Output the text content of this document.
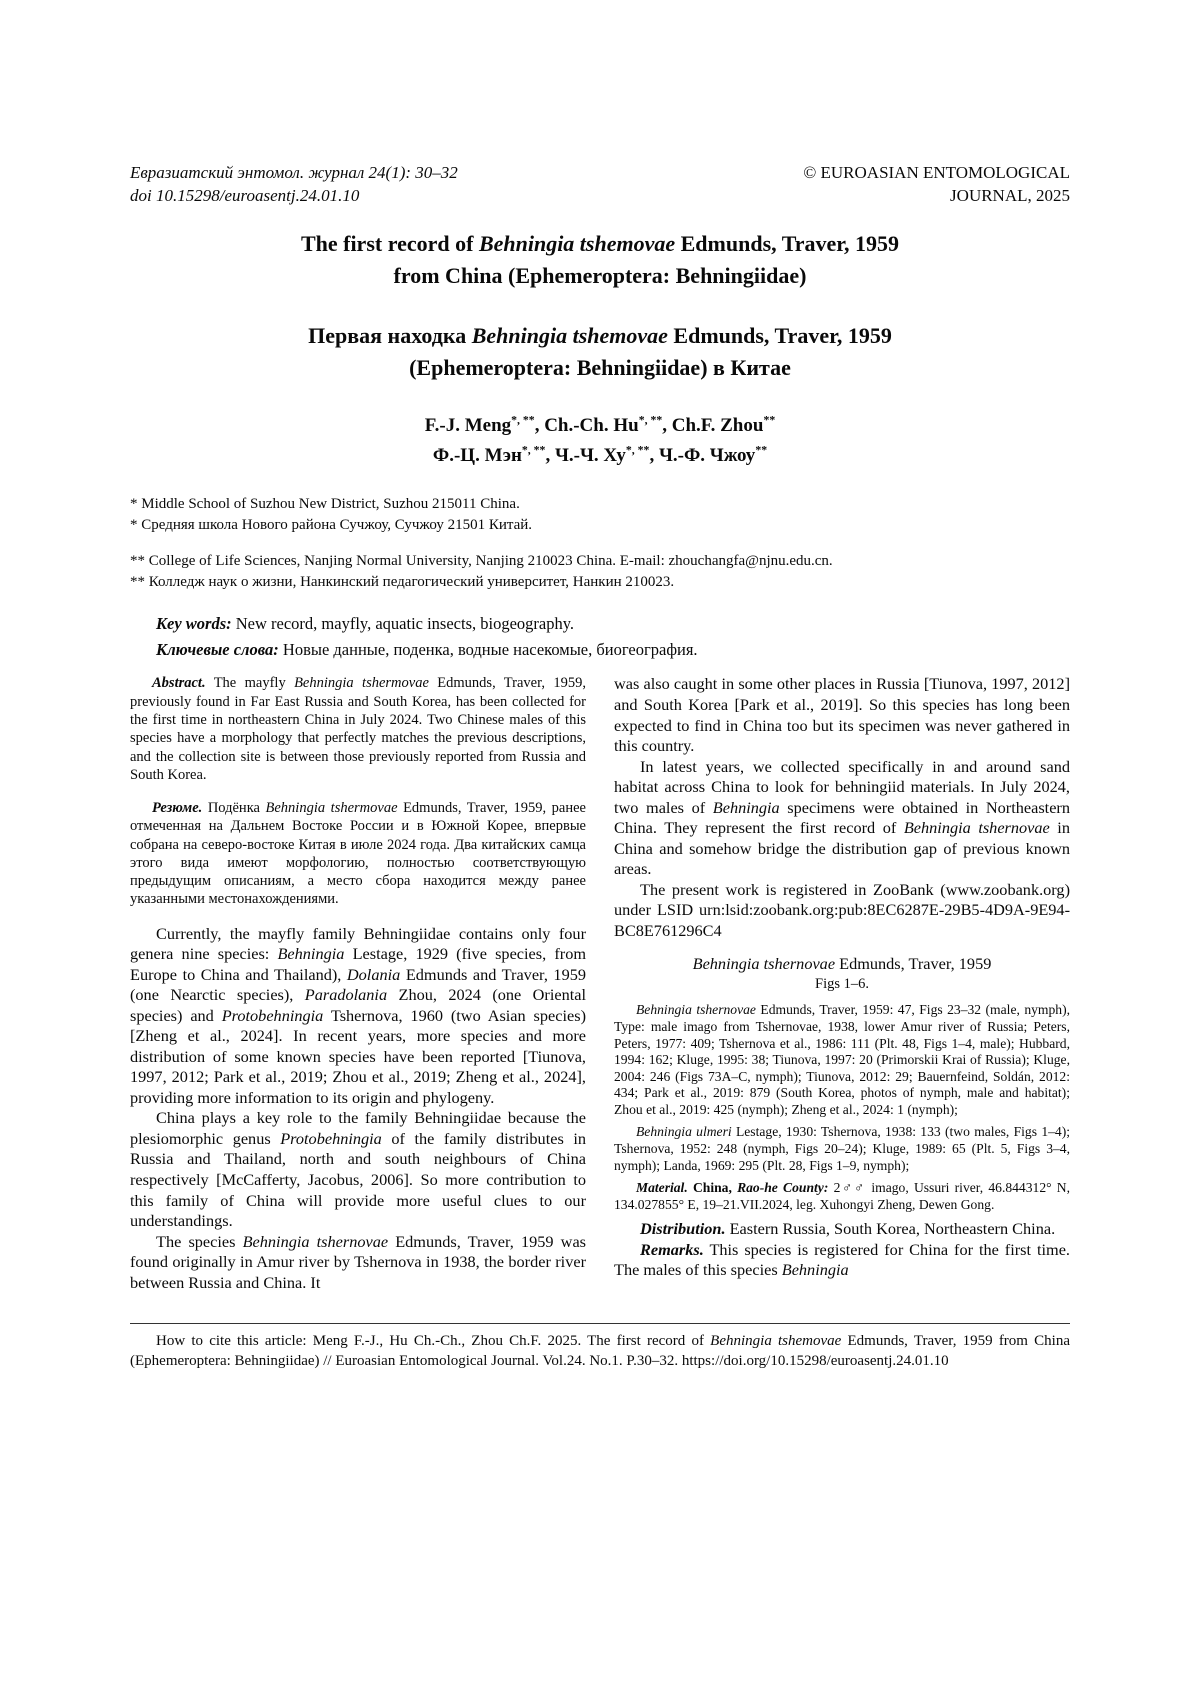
Евразиатский энтомол. журнал 24(1): 30–32
doi 10.15298/euroasentj.24.01.10
© EUROASIAN ENTOMOLOGICAL
JOURNAL, 2025
The first record of Behningia tshemovae Edmunds, Traver, 1959
from China (Ephemeroptera: Behningiidae)
Первая находка Behningia tshemovae Edmunds, Traver, 1959
(Ephemeroptera: Behningiidae) в Китае
F.-J. Meng*, **, Ch.-Ch. Hu*, **, Ch.F. Zhou**
Ф.-Ц. Мэн*, **, Ч.-Ч. Ху*, **, Ч.-Ф. Чжоу**

* Middle School of Suzhou New District, Suzhou 215011 China.

* Средняя школа Нового района Сучжоу, Сучжоу 21501 Китай.

** College of Life Sciences, Nanjing Normal University, Nanjing 210023 China. E-mail: zhouchangfa@njnu.edu.cn.

** Колледж наук о жизни, Нанкинский педагогический университет, Нанкин 210023.

Key words: New record, mayfly, aquatic insects, biogeography.

Ключевые слова: Новые данные, поденка, водные насекомые, биогеография.

Abstract. The mayfly Behningia tshermovae Edmunds, Traver, 1959, previously found in Far East Russia and South Korea, has been collected for the first time in northeastern China in July 2024. Two Chinese males of this species have a morphology that perfectly matches the previous descriptions, and the collection site is between those previously reported from Russia and South Korea.

Резюме. Подёнка Behningia tshermovae Edmunds, Traver, 1959, ранее отмеченная на Дальнем Востоке России и в Южной Корее, впервые собрана на северо-востоке Китая в июле 2024 года. Два китайских самца этого вида имеют морфологию, полностью соответствующую предыдущим описаниям, а место сбора находится между ранее указанными местонахождениями.

Currently, the mayfly family Behningiidae contains only four genera nine species: Behningia Lestage, 1929 (five species, from Europe to China and Thailand), Dolania Edmunds and Traver, 1959 (one Nearctic species), Paradolania Zhou, 2024 (one Oriental species) and Protobehningia Tshernova, 1960 (two Asian species) [Zheng et al., 2024]. In recent years, more species and more distribution of some known species have been reported [Tiunova, 1997, 2012; Park et al., 2019; Zhou et al., 2019; Zheng et al., 2024], providing more information to its origin and phylogeny.

China plays a key role to the family Behningiidae because the plesiomorphic genus Protobehningia of the family distributes in Russia and Thailand, north and south neighbours of China respectively [McCafferty, Jacobus, 2006]. So more contribution to this family of China will provide more useful clues to our understandings.

The species Behningia tshernovae Edmunds, Traver, 1959 was found originally in Amur river by Tshernova in 1938, the border river between Russia and China. It

was also caught in some other places in Russia [Tiunova, 1997, 2012] and South Korea [Park et al., 2019]. So this species has long been expected to find in China too but its specimen was never gathered in this country.

In latest years, we collected specifically in and around sand habitat across China to look for behningiid materials. In July 2024, two males of Behningia specimens were obtained in Northeastern China. They represent the first record of Behningia tshernovae in China and somehow bridge the distribution gap of previous known areas.

The present work is registered in ZooBank (www.zoobank.org) under LSID urn:lsid:zoobank.org:pub:8EC6287E-29B5-4D9A-9E94-BC8E761296C4

Behningia tshernovae Edmunds, Traver, 1959
Figs 1–6.

Behningia tshernovae Edmunds, Traver, 1959: 47, Figs 23–32 (male, nymph), Type: male imago from Tshernovae, 1938, lower Amur river of Russia; Peters, Peters, 1977: 409; Tshernova et al., 1986: 111 (Plt. 48, Figs 1–4, male); Hubbard, 1994: 162; Kluge, 1995: 38; Tiunova, 1997: 20 (Primorskii Krai of Russia); Kluge, 2004: 246 (Figs 73A–C, nymph); Tiunova, 2012: 29; Bauernfeind, Soldán, 2012: 434; Park et al., 2019: 879 (South Korea, photos of nymph, male and habitat); Zhou et al., 2019: 425 (nymph); Zheng et al., 2024: 1 (nymph);

Behningia ulmeri Lestage, 1930: Tshernova, 1938: 133 (two males, Figs 1–4); Tshernova, 1952: 248 (nymph, Figs 20–24); Kluge, 1989: 65 (Plt. 5, Figs 3–4, nymph); Landa, 1969: 295 (Plt. 28, Figs 1–9, nymph);

Material. China, Rao-he County: 2♂♂ imago, Ussuri river, 46.844312° N, 134.027855° E, 19–21.VII.2024, leg. Xuhongyi Zheng, Dewen Gong.

Distribution. Eastern Russia, South Korea, Northeastern China.

Remarks. This species is registered for China for the first time. The males of this species Behningia

How to cite this article: Meng F.-J., Hu Ch.-Ch., Zhou Ch.F. 2025. The first record of Behningia tshemovae Edmunds, Traver, 1959 from China (Ephemeroptera: Behningiidae) // Euroasian Entomological Journal. Vol.24. No.1. P.30–32. https://doi.org/10.15298/euroasentj.24.01.10
